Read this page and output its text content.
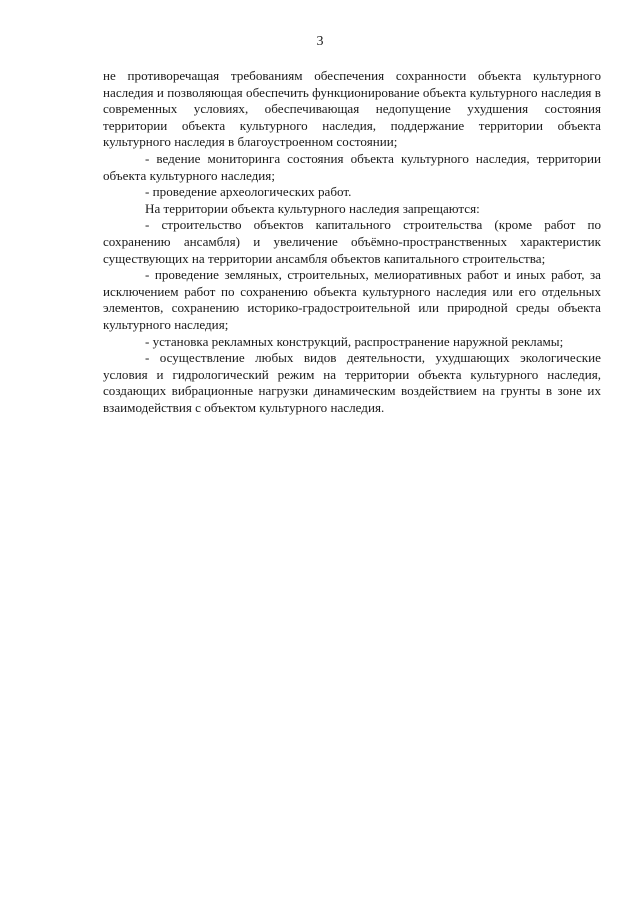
3

не противоречащая требованиям обеспечения сохранности объекта культурного наследия и позволяющая обеспечить функционирование объекта культурного наследия в современных условиях, обеспечивающая недопущение ухудшения состояния территории объекта культурного наследия, поддержание территории объекта культурного наследия в благоустроенном состоянии;

- ведение мониторинга состояния объекта культурного наследия, территории объекта культурного наследия;

- проведение археологических работ.

На территории объекта культурного наследия запрещаются:

- строительство объектов капитального строительства (кроме работ по сохранению ансамбля) и увеличение объёмно-пространственных характеристик существующих на территории ансамбля объектов капитального строительства;

- проведение земляных, строительных, мелиоративных работ и иных работ, за исключением работ по сохранению объекта культурного наследия или его отдельных элементов, сохранению историко-градостроительной или природной среды объекта культурного наследия;

- установка рекламных конструкций, распространение наружной рекламы;

- осуществление любых видов деятельности, ухудшающих экологические условия и гидрологический режим на территории объекта культурного наследия, создающих вибрационные нагрузки динамическим воздействием на грунты в зоне их взаимодействия с объектом культурного наследия.
